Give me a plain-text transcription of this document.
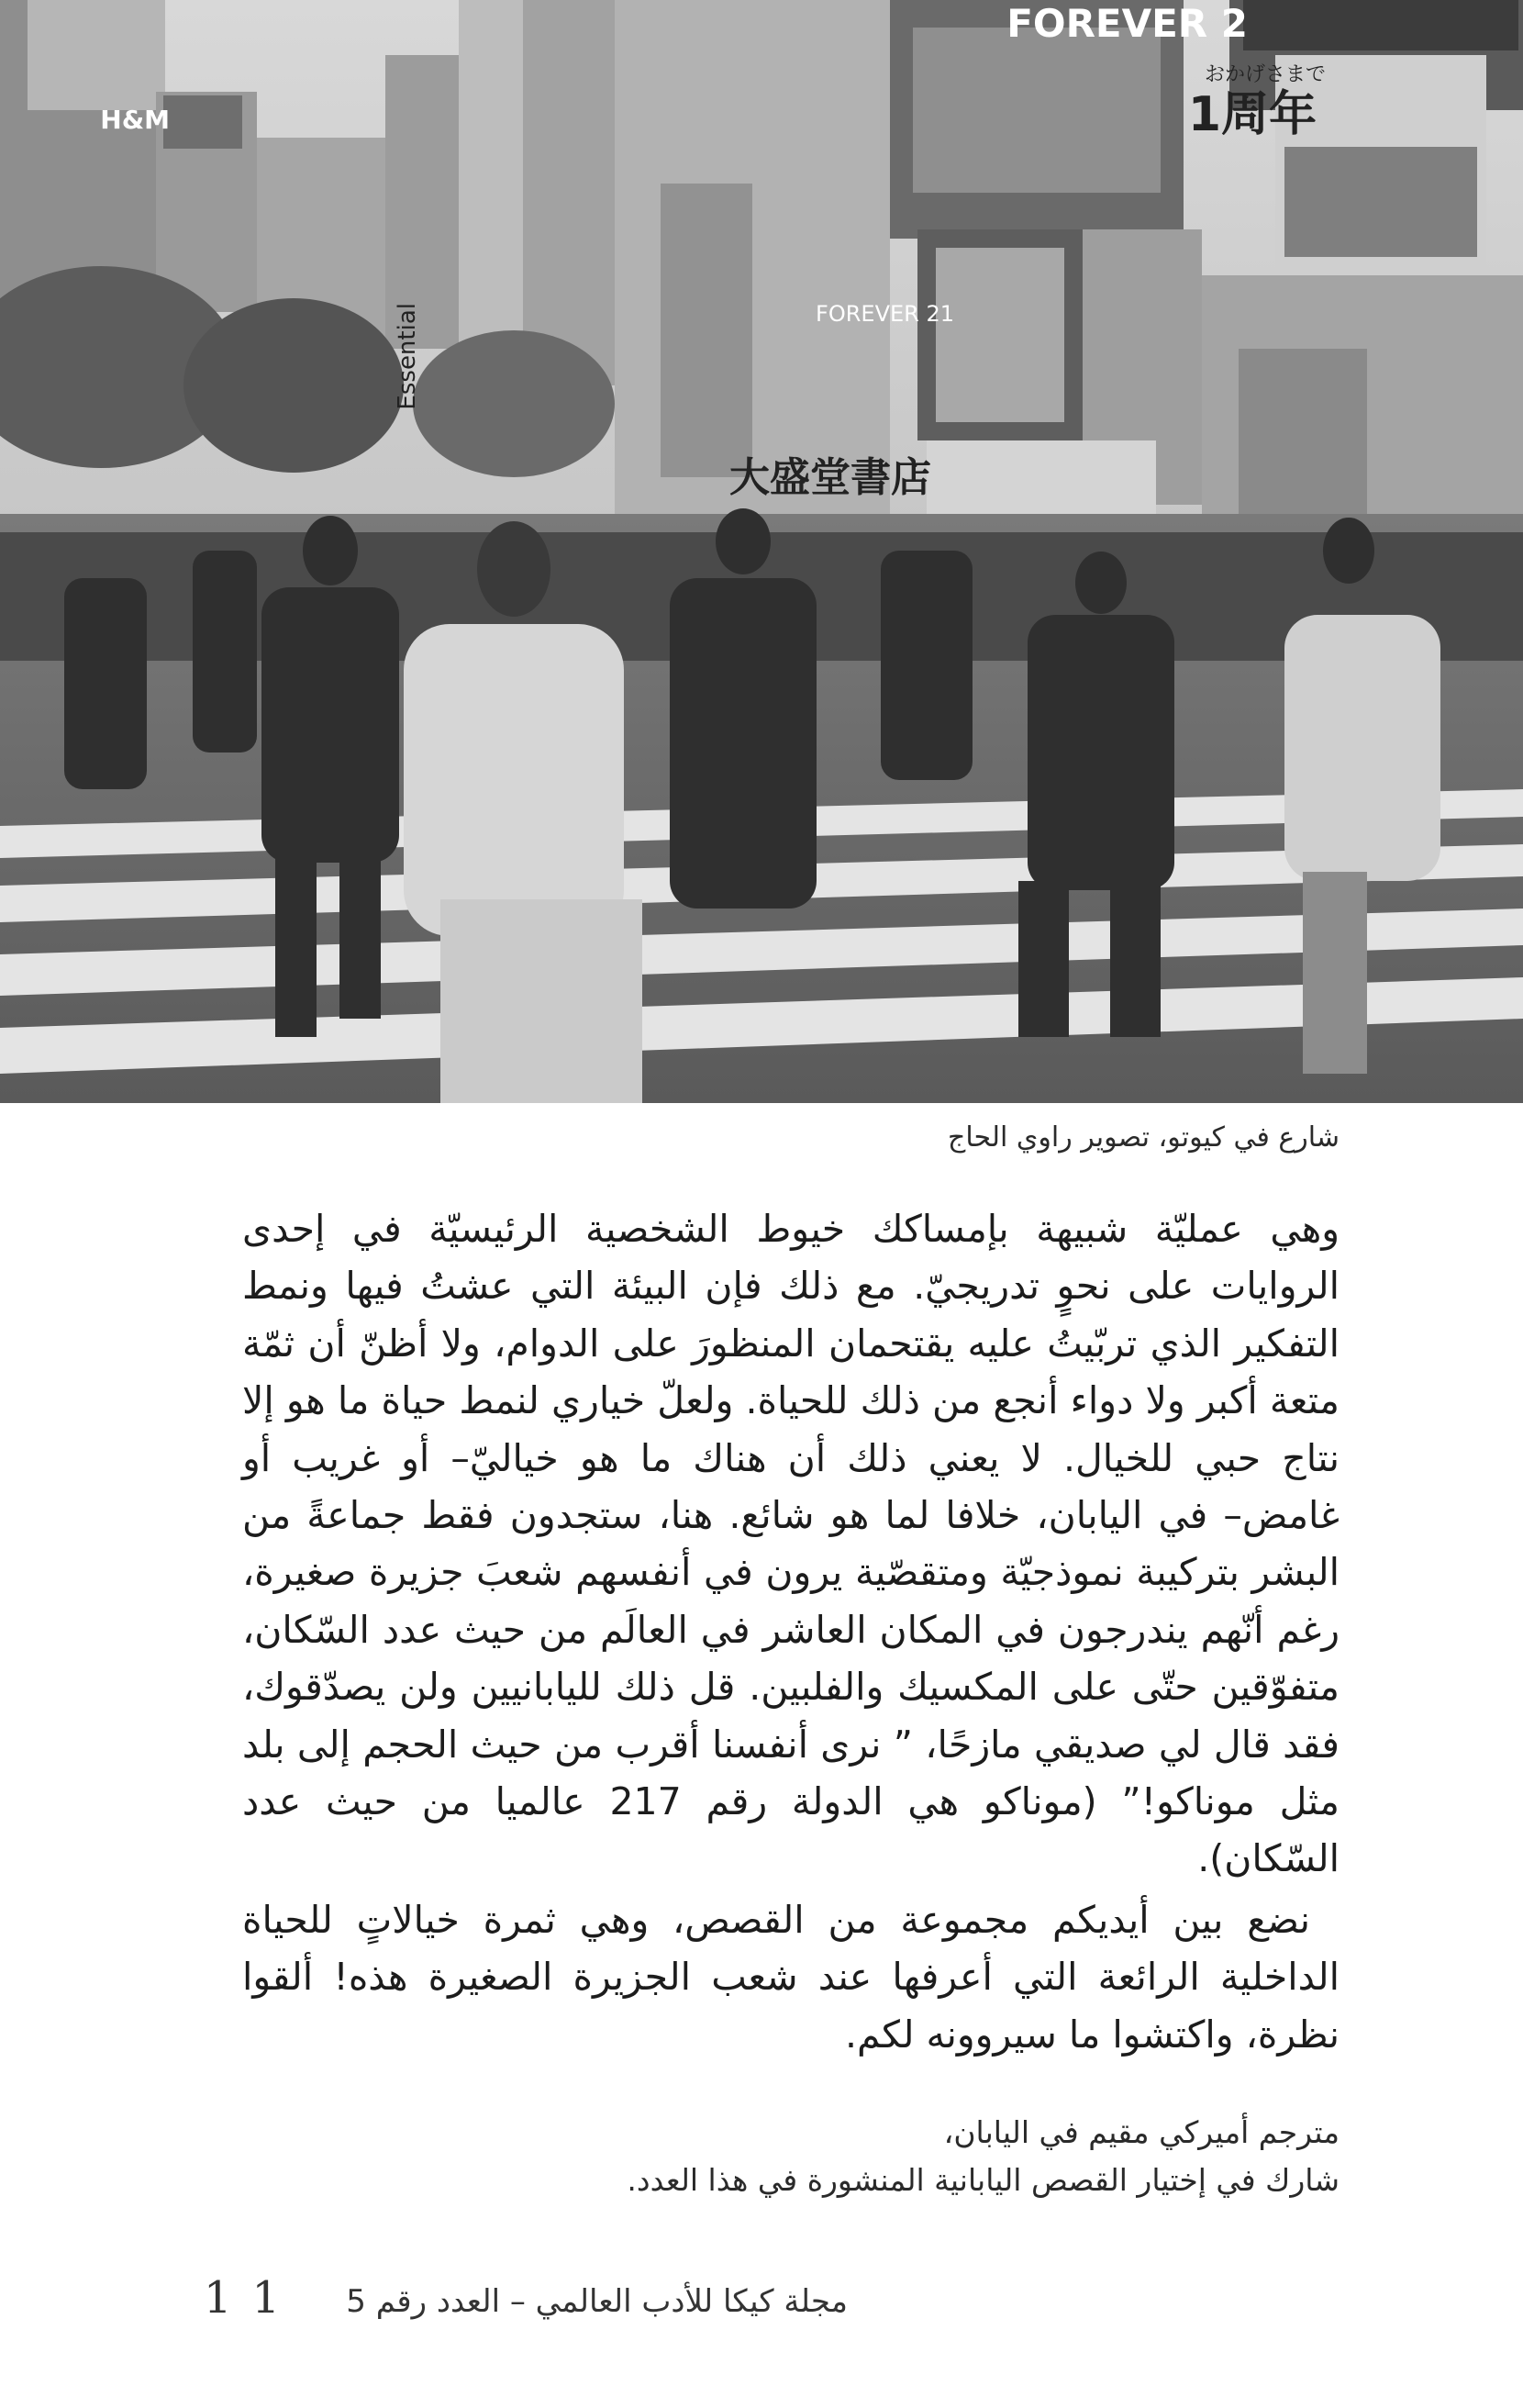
FOREVER 2
おかげさまで
1周年
H&M
FOREVER 21
大盛堂書店
Essential
شارع في كيوتو، تصوير راوي الحاج

وهي عمليّة شبيهة بإمساكك خيوط الشخصية الرئيسيّة في إحدى الروايات على نحوٍ تدريجيّ. مع ذلك فإن البيئة التي عشتُ فيها ونمط التفكير الذي تربّيتُ عليه يقتحمان المنظورَ على الدوام، ولا أظنّ أن ثمّة متعة أكبر ولا دواء أنجع من ذلك للحياة. ولعلّ خياري لنمط حياة ما هو إلا نتاج حبي للخيال. لا يعني ذلك أن هناك ما هو خياليّ– أو غريب أو غامض– في اليابان، خلافا لما هو شائع. هنا، ستجدون فقط جماعةً من البشر بتركيبة نموذجيّة ومتقصّية يرون في أنفسهم شعبَ جزيرة صغيرة، رغم أنّهم يندرجون في المكان العاشر في العالَم من حيث عدد السّكان، متفوّقين حتّى على المكسيك والفلبين. قل ذلك لليابانيين ولن يصدّقوك، فقد قال لي صديقي مازحًا، ” نرى أنفسنا أقرب من حيث الحجم إلى بلد مثل موناكو!” (موناكو هي الدولة رقم 217 عالميا من حيث عدد السّكان).

نضع بين أيديكم مجموعة من القصص، وهي ثمرة خيالاتٍ للحياة الداخلية الرائعة التي أعرفها عند شعب الجزيرة الصغيرة هذه! ألقوا نظرة، واكتشوا ما سيروونه لكم.

مترجم أميركي مقيم في اليابان،
شارك في إختيار القصص اليابانية المنشورة في هذا العدد.
مجلة كيكا للأدب العالمي – العدد رقم 5
11
